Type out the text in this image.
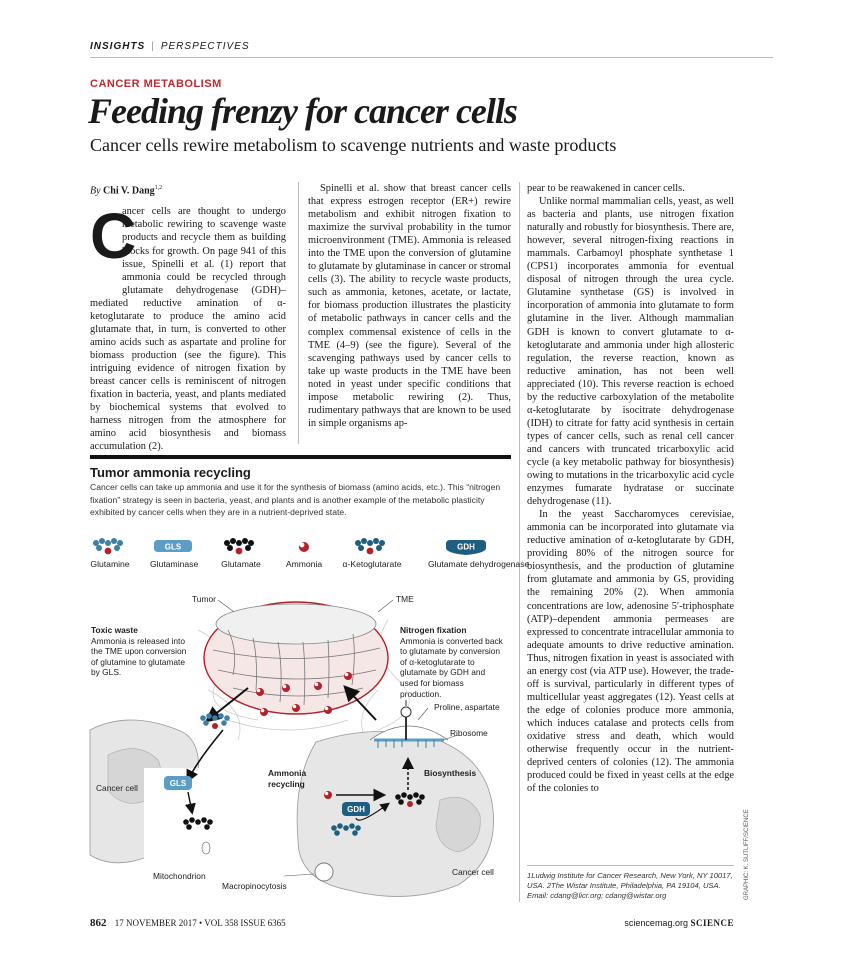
INSIGHTS | PERSPECTIVES
CANCER METABOLISM
Feeding frenzy for cancer cells
Cancer cells rewire metabolism to scavenge nutrients and waste products
By Chi V. Dang$^{1,2}$
C

ancer cells are thought to undergo metabolic rewiring to scavenge waste products and recycle them as building blocks for growth. On page 941 of this issue, Spinelli et al. (1) report that ammonia could be recycled through glutamate dehydrogenase (GDH)–mediated reductive amination of α-ketoglutarate to produce the amino acid glutamate that, in turn, is converted to other amino acids such as aspartate and proline for biomass production (see the figure). This intriguing evidence of nitrogen fixation by breast cancer cells is reminiscent of nitrogen fixation in bacteria, yeast, and plants mediated by biochemical systems that evolved to harness nitrogen from the atmosphere for amino acid biosynthesis and biomass accumulation (2).

Spinelli et al. show that breast cancer cells that express estrogen receptor (ER+) rewire metabolism and exhibit nitrogen fixation to maximize the survival probability in the tumor microenvironment (TME). Ammonia is released into the TME upon the conversion of glutamine to glutamate by glutaminase in cancer or stromal cells (3). The ability to recycle waste products, such as ammonia, ketones, acetate, or lactate, for biomass production illustrates the plasticity of metabolic pathways in cancer cells and the complex commensal existence of cells in the TME (4–9) (see the figure). Several of the scavenging pathways used by cancer cells to take up waste products in the TME have been noted in yeast under specific conditions that impose metabolic rewiring (2). Thus, rudimentary pathways that are known to be used in simple organisms ap-

pear to be reawakened in cancer cells.

Unlike normal mammalian cells, yeast, as well as bacteria and plants, use nitrogen fixation naturally and robustly for biosynthesis. There are, however, several nitrogen-fixing reactions in mammals. Carbamoyl phosphate synthetase 1 (CPS1) incorporates ammonia for eventual disposal of nitrogen through the urea cycle. Glutamine synthetase (GS) is involved in incorporation of ammonia into glutamate to form glutamine in the liver. Although mammalian GDH is known to convert glutamate to α-ketoglutarate and ammonia under high allosteric regulation, the reverse reaction, known as reductive amination, has not been well appreciated (10). This reverse reaction is echoed by the reductive carboxylation of the metabolite α-ketoglutarate by isocitrate dehydrogenase (IDH) to citrate for fatty acid synthesis in certain types of cancer cells, such as renal cell cancer and cancers with truncated tricarboxylic acid cycle (a key metabolic pathway for biosynthesis) owing to mutations in the tricarboxylic acid cycle enzymes fumarate hydratase or succinate dehydrogenase (11).

In the yeast Saccharomyces cerevisiae, ammonia can be incorporated into glutamate via reductive amination of α-ketoglutarate by GDH, providing 80% of the nitrogen source for biosynthesis, and the production of glutamine from glutamate and ammonia by GS, providing the remaining 20% (2). When ammonia concentrations are low, adenosine 5′-triphosphate (ATP)–dependent ammonia permeases are expressed to concentrate intracellular ammonia to adequate amounts to drive reductive amination. Thus, nitrogen fixation in yeast is associated with an energy cost (via ATP use). However, the trade-off is survival, particularly in different types of multicellular yeast aggregates (12). Yeast cells at the edge of colonies produce more ammonia, which induces catalase and protects cells from oxidative stress and death, which would otherwise frequently occur in the nutrient-deprived centers of colonies (12). The ammonia produced could be fixed in yeast cells at the edge of the colonies to

Tumor ammonia recycling
Cancer cells can take up ammonia and use it for the synthesis of biomass (amino acids, etc.). This “nitrogen fixation” strategy is seen in bacteria, yeast, and plants and is another example of the metabolic plasticity exhibited by cancer cells when they are in a nutrient-deprived state.
Glutamine
GLS
Glutaminase	Glutamate	Ammonia α-Ketoglutarate
GDH
Glutamate dehydrogenase
GLS
GDH
Tumor	TME
Toxic waste
Ammonia is released into the TME upon conversion of glutamine to glutamate by GLS.
Nitrogen fixation
Ammonia is converted back to glutamate by conversion of α-ketoglutarate to glutamate by GDH and used for biomass production.
Proline, aspartate
Ribosome
Biosynthesis
Ammonia recycling
Cancer cell
Cancer cell
Mitochondrion
Macropinocytosis
1Ludwig Institute for Cancer Research, New York, NY 10017, USA. 2The Wistar Institute, Philadelphia, PA 19104, USA. Email: cdang@licr.org; cdang@wistar.org	GRAPHIC: K. SUTLIFF/SCIENCE
862 17 NOVEMBER 2017 • VOL 358 ISSUE 6365	sciencemag.org SCIENCE
